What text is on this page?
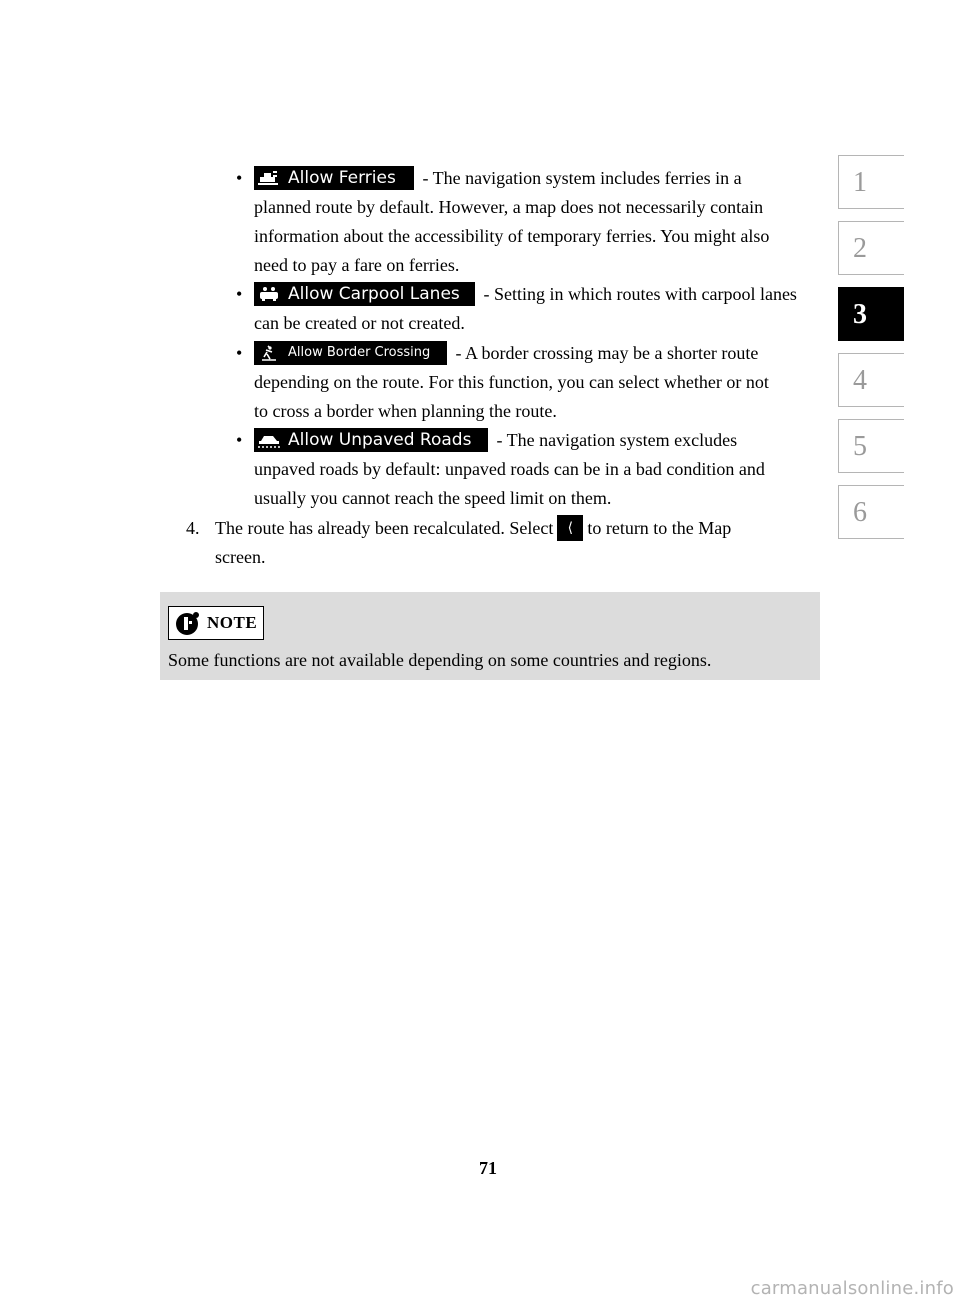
•	Allow Ferries - The navigation system includes ferries in a
planned route by default. However, a map does not necessarily contain
information about the accessibility of temporary ferries. You might also
need to pay a fare on ferries.
•	Allow Carpool Lanes - Setting in which routes with carpool lanes
can be created or not created.
•	Allow Border Crossing - A border crossing may be a shorter route
depending on the route. For this function, you can select whether or not
to cross a border when planning the route.
•	Allow Unpaved Roads - The navigation system excludes
unpaved roads by default: unpaved roads can be in a bad condition and
usually you cannot reach the speed limit on them.
4. The route has already been recalculated. Select ⟨ to return to the Map
screen.
NOTE
Some functions are not available depending on some countries and regions.
1
2
3
4
5
6
71
carmanualsonline.info
